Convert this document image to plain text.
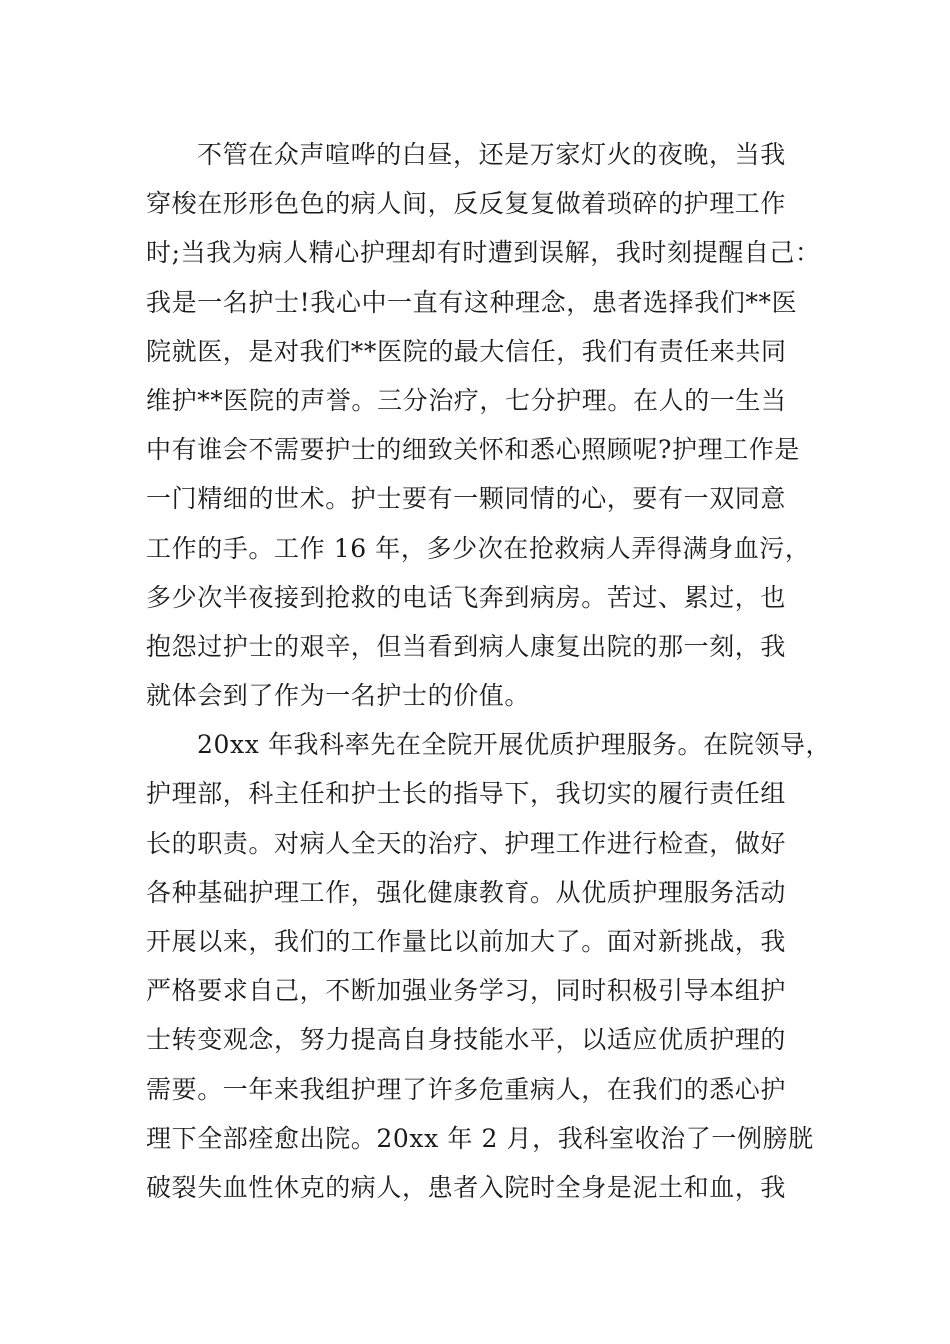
不管在众声喧哗的白昼，还是万家灯火的夜晚，当我
穿梭在形形色色的病人间，反反复复做着琐碎的护理工作
时;当我为病人精心护理却有时遭到误解，我时刻提醒自己：
我是一名护士!我心中一直有这种理念，患者选择我们**医
院就医，是对我们**医院的最大信任，我们有责任来共同
维护**医院的声誉。三分治疗，七分护理。在人的一生当
中有谁会不需要护士的细致关怀和悉心照顾呢?护理工作是
一门精细的世术。护士要有一颗同情的心，要有一双同意
工作的手。工作 16 年，多少次在抢救病人弄得满身血污，
多少次半夜接到抢救的电话飞奔到病房。苦过、累过，也
抱怨过护士的艰辛，但当看到病人康复出院的那一刻，我
就体会到了作为一名护士的价值。
20xx 年我科率先在全院开展优质护理服务。在院领导，
护理部，科主任和护士长的指导下，我切实的履行责任组
长的职责。对病人全天的治疗、护理工作进行检查，做好
各种基础护理工作，强化健康教育。从优质护理服务活动
开展以来，我们的工作量比以前加大了。面对新挑战，我
严格要求自己，不断加强业务学习，同时积极引导本组护
士转变观念，努力提高自身技能水平，以适应优质护理的
需要。一年来我组护理了许多危重病人，在我们的悉心护
理下全部痊愈出院。20xx 年 2 月，我科室收治了一例膀胱
破裂失血性休克的病人，患者入院时全身是泥土和血，我
